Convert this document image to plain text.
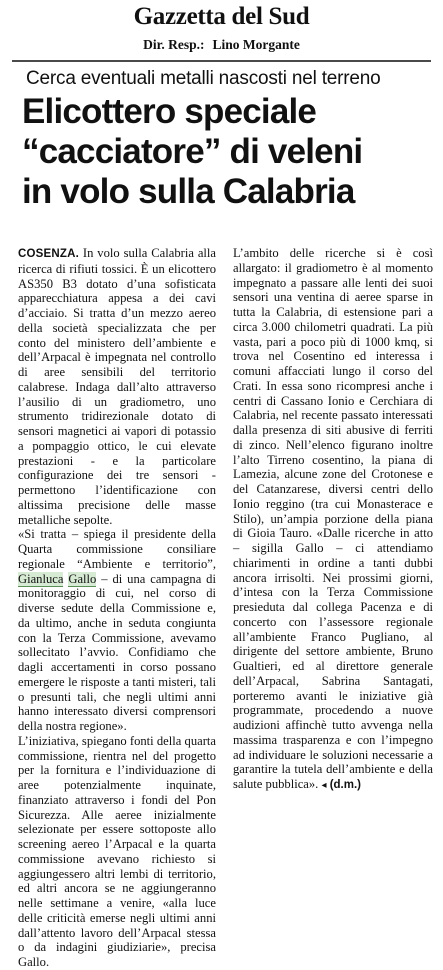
Gazzetta del Sud
Dir. Resp.: Lino Morgante
Cerca eventuali metalli nascosti nel terreno
Elicottero speciale
“cacciatore” di veleni
in volo sulla Calabria

COSENZA. In volo sulla Calabria alla ricerca di rifiuti tossici. È un elicottero AS350 B3 dotato d’una sofisticata apparecchiatura appesa a dei cavi d’acciaio. Si tratta d’un mezzo aereo della società specializzata che per conto del ministero dell’ambiente e dell’Arpacal è impegnata nel controllo di aree sensibili del territorio calabrese. Indaga dall’alto attraverso l’ausilio di un gradiometro, uno strumento tridirezionale dotato di sensori magnetici ai vapori di potassio a pompaggio ottico, le cui elevate prestazioni - e la particolare configurazione dei tre sensori - permettono l’identificazione con altissima precisione delle masse metalliche sepolte.

«Si tratta – spiega il presidente della Quarta commissione consiliare regionale “Ambiente e territorio”, Gianluca Gallo – di una campagna di monitoraggio di cui, nel corso di diverse sedute della Commissione e, da ultimo, anche in seduta congiunta con la Terza Commissione, avevamo sollecitato l’avvio. Confidiamo che dagli accertamenti in corso possano emergere le risposte a tanti misteri, tali o presunti tali, che negli ultimi anni hanno interessato diversi comprensori della nostra regione».

L’iniziativa, spiegano fonti della quarta commissione, rientra nel del progetto per la fornitura e l’individuazione di aree potenzialmente inquinate, finanziato attraverso i fondi del Pon Sicurezza. Alle aeree inizialmente selezionate per essere sottoposte allo screening aereo l’Arpacal e la quarta commissione avevano richiesto si aggiungessero altri lembi di territorio, ed altri ancora se ne aggiungeranno nelle settimane a venire, «alla luce delle criticità emerse negli ultimi anni dall’attento lavoro dell’Arpacal stessa o da indagini giudiziarie», precisa Gallo.

L’ambito delle ricerche si è così allargato: il gradiometro è al momento impegnato a passare alle lenti dei suoi sensori una ventina di aeree sparse in tutta la Calabria, di estensione pari a circa 3.000 chilometri quadrati. La più vasta, pari a poco più di 1000 kmq, si trova nel Cosentino ed interessa i comuni affacciati lungo il corso del Crati. In essa sono ricompresi anche i centri di Cassano Ionio e Cerchiara di Calabria, nel recente passato interessati dalla presenza di siti abusive di ferriti di zinco. Nell’elenco figurano inoltre l’alto Tirreno cosentino, la piana di Lamezia, alcune zone del Crotonese e del Catanzarese, diversi centri dello Ionio reggino (tra cui Monasterace e Stilo), un’ampia porzione della piana di Gioia Tauro. «Dalle ricerche in atto – sigilla Gallo – ci attendiamo chiarimenti in ordine a tanti dubbi ancora irrisolti. Nei prossimi giorni, d’intesa con la Terza Commissione presieduta dal collega Pacenza e di concerto con l’assessore regionale all’ambiente Franco Pugliano, al dirigente del settore ambiente, Bruno Gualtieri, ed al direttore generale dell’Arpacal, Sabrina Santagati, porteremo avanti le iniziative già programmate, procedendo a nuove audizioni affinchè tutto avvenga nella massima trasparenza e con l’impegno ad individuare le soluzioni necessarie a garantire la tutela dell’ambiente e della salute pubblica». ◂ (d.m.)
